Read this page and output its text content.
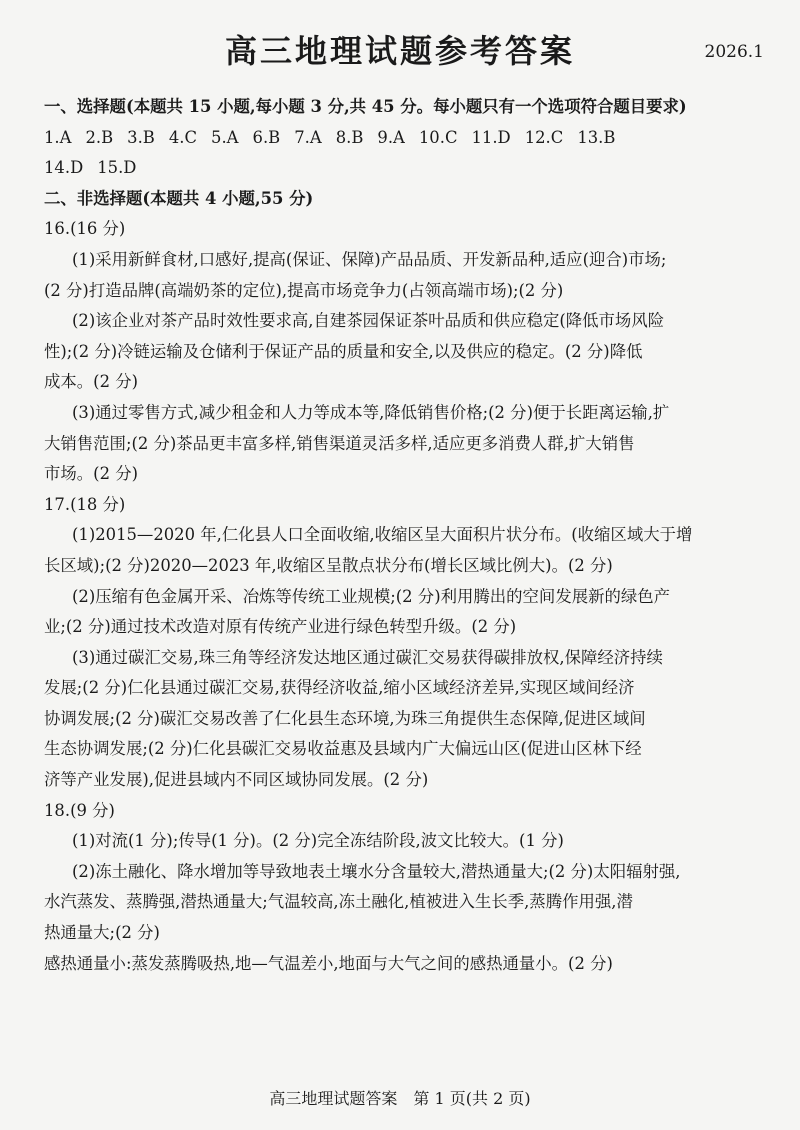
高三地理试题参考答案	2026.1
一、选择题(本题共 15 小题,每小题 3 分,共 45 分。每小题只有一个选项符合题目要求)
1.A 2.B 3.B 4.C 5.A 6.B 7.A 8.B 9.A 10.C 11.D 12.C 13.B
14.D 15.D
二、非选择题(本题共 4 小题,55 分)
16.(16 分)
(1)采用新鲜食材,口感好,提高(保证、保障)产品品质、开发新品种,适应(迎合)市场;
(2 分)打造品牌(高端奶茶的定位),提高市场竞争力(占领高端市场);(2 分)
(2)该企业对茶产品时效性要求高,自建茶园保证茶叶品质和供应稳定(降低市场风险
性);(2 分)冷链运输及仓储利于保证产品的质量和安全,以及供应的稳定。(2 分)降低
成本。(2 分)
(3)通过零售方式,减少租金和人力等成本等,降低销售价格;(2 分)便于长距离运输,扩
大销售范围;(2 分)茶品更丰富多样,销售渠道灵活多样,适应更多消费人群,扩大销售
市场。(2 分)
17.(18 分)
(1)2015—2020 年,仁化县人口全面收缩,收缩区呈大面积片状分布。(收缩区域大于增
长区域);(2 分)2020—2023 年,收缩区呈散点状分布(增长区域比例大)。(2 分)
(2)压缩有色金属开采、冶炼等传统工业规模;(2 分)利用腾出的空间发展新的绿色产
业;(2 分)通过技术改造对原有传统产业进行绿色转型升级。(2 分)
(3)通过碳汇交易,珠三角等经济发达地区通过碳汇交易获得碳排放权,保障经济持续
发展;(2 分)仁化县通过碳汇交易,获得经济收益,缩小区域经济差异,实现区域间经济
协调发展;(2 分)碳汇交易改善了仁化县生态环境,为珠三角提供生态保障,促进区域间
生态协调发展;(2 分)仁化县碳汇交易收益惠及县域内广大偏远山区(促进山区林下经
济等产业发展),促进县域内不同区域协同发展。(2 分)
18.(9 分)
(1)对流(1 分);传导(1 分)。(2 分)完全冻结阶段,波文比较大。(1 分)
(2)冻土融化、降水增加等导致地表土壤水分含量较大,潜热通量大;(2 分)太阳辐射强,
水汽蒸发、蒸腾强,潜热通量大;气温较高,冻土融化,植被进入生长季,蒸腾作用强,潜
热通量大;(2 分)
感热通量小:蒸发蒸腾吸热,地—气温差小,地面与大气之间的感热通量小。(2 分)
高三地理试题答案　第 1 页(共 2 页)
